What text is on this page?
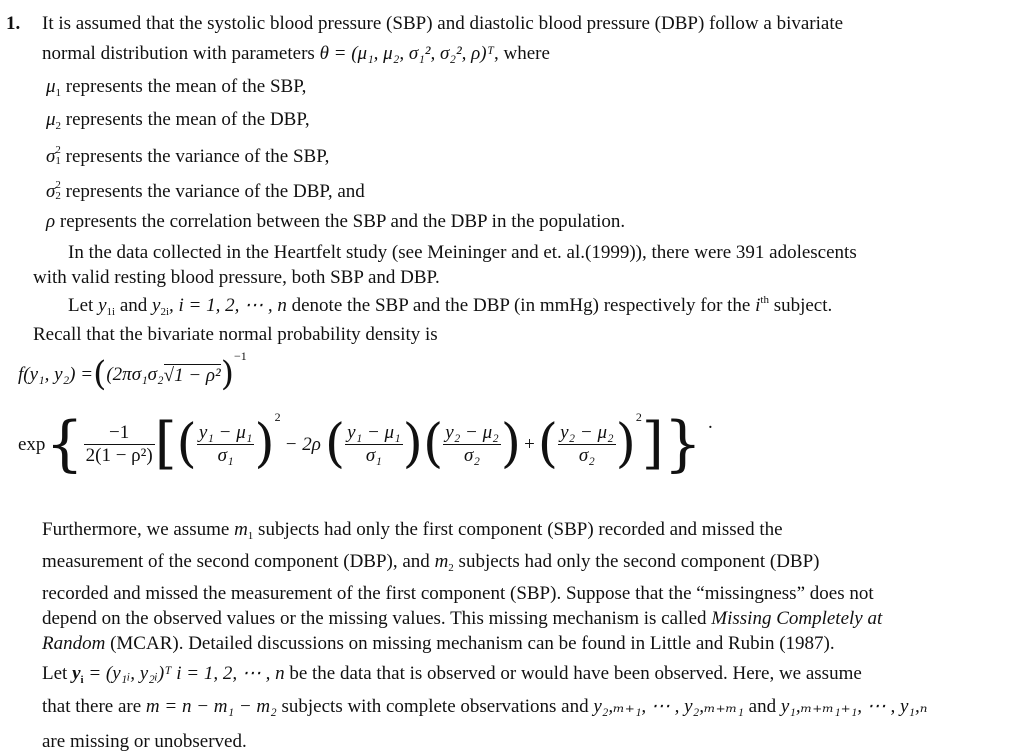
1. It is assumed that the systolic blood pressure (SBP) and diastolic blood pressure (DBP) follow a bivariate
normal distribution with parameters θ = (μ₁, μ₂, σ₁², σ₂², ρ)ᵀ, where
$\mu_1$ represents the mean of the SBP,
$\mu_2$ represents the mean of the DBP,
σ 2
1 represents the variance of the SBP,
σ 2
2 represents the variance of the DBP, and
ρ represents the correlation between the SBP and the DBP in the population.
In the data collected in the Heartfelt study (see Meininger and et. al.(1999)), there were 391 adolescents
with valid resting blood pressure, both SBP and DBP.
Let $y_{1i}$ and $y_{2i}$, i = 1, 2, ⋯ , n denote the SBP and the DBP (in mmHg) respectively for the $i^{th}$ subject.
Recall that the bivariate normal probability density is
f(y₁, y₂) = ( (2πσ₁σ₂ √1 − ρ² ) −1
exp { $\frac{-1}{\text{2(1 − ρ²)}}$ [ ( $\frac{\text{y₁ − μ₁}}{\text{σ₁}}$ ) 2
− 2ρ ( $\frac{\text{y₁ − μ₁}}{\text{σ₁}}$ ) ( $\frac{\text{y₂ − μ₂}}{\text{σ₂}}$ ) + ( $\frac{\text{y₂ − μ₂}}{\text{σ₂}}$ ) 2 ] } .
Furthermore, we assume $m_1$ subjects had only the first component (SBP) recorded and missed the
measurement of the second component (DBP), and $m_2$ subjects had only the second component (DBP)
recorded and missed the measurement of the first component (SBP). Suppose that the “missingness” does not
depend on the observed values or the missing values. This missing mechanism is called Missing Completely at
Random (MCAR). Detailed discussions on missing mechanism can be found in Little and Rubin (1987).
Let $y_i$ = (y₁ᵢ, y₂ᵢ)ᵀ i = 1, 2, ⋯ , n be the data that is observed or would have been observed. Here, we assume
that there are m = n − m₁ − m₂ subjects with complete observations and y₂,ₘ₊₁, ⋯ , y₂,ₘ₊ₘ₁ and y₁,ₘ₊ₘ₁₊₁, ⋯ , y₁,ₙ
are missing or unobserved.
